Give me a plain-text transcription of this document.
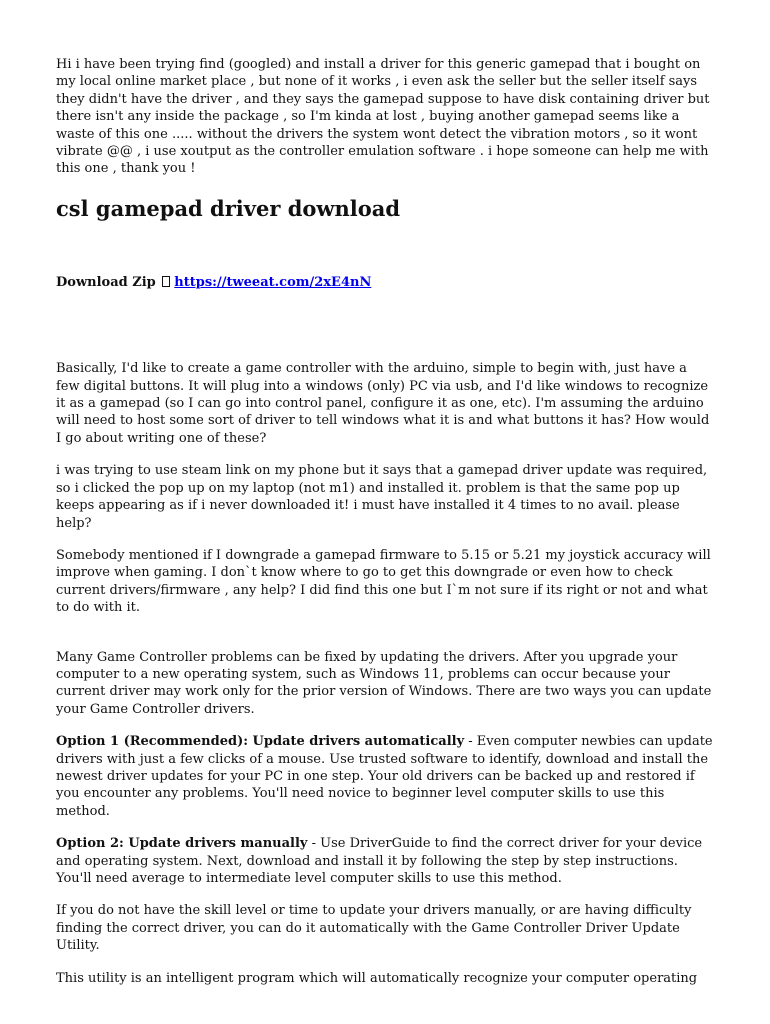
Hi i have been trying find (googled) and install a driver for this generic gamepad that i bought on my local online market place , but none of it works , i even ask the seller but the seller itself says they didn't have the driver , and they says the gamepad suppose to have disk containing driver but there isn't any inside the package , so I'm kinda at lost , buying another gamepad seems like a waste of this one ..... without the drivers the system wont detect the vibration motors , so it wont vibrate @@ , i use xoutput as the controller emulation software . i hope someone can help me with this one , thank you !

csl gamepad driver download

Download Zip https://tweeat.com/2xE4nN

Basically, I'd like to create a game controller with the arduino, simple to begin with, just have a few digital buttons. It will plug into a windows (only) PC via usb, and I'd like windows to recognize it as a gamepad (so I can go into control panel, configure it as one, etc). I'm assuming the arduino will need to host some sort of driver to tell windows what it is and what buttons it has? How would I go about writing one of these?

i was trying to use steam link on my phone but it says that a gamepad driver update was required, so i clicked the pop up on my laptop (not m1) and installed it. problem is that the same pop up keeps appearing as if i never downloaded it! i must have installed it 4 times to no avail. please help?

Somebody mentioned if I downgrade a gamepad firmware to 5.15 or 5.21 my joystick accuracy will improve when gaming. I don`t know where to go to get this downgrade or even how to check current drivers/firmware , any help? I did find this one but I`m not sure if its right or not and what to do with it.

Many Game Controller problems can be fixed by updating the drivers. After you upgrade your computer to a new operating system, such as Windows 11, problems can occur because your current driver may work only for the prior version of Windows. There are two ways you can update your Game Controller drivers.

Option 1 (Recommended): Update drivers automatically - Even computer newbies can update drivers with just a few clicks of a mouse. Use trusted software to identify, download and install the newest driver updates for your PC in one step. Your old drivers can be backed up and restored if you encounter any problems. You'll need novice to beginner level computer skills to use this method.

Option 2: Update drivers manually - Use DriverGuide to find the correct driver for your device and operating system. Next, download and install it by following the step by step instructions. You'll need average to intermediate level computer skills to use this method.

If you do not have the skill level or time to update your drivers manually, or are having difficulty finding the correct driver, you can do it automatically with the Game Controller Driver Update Utility.

This utility is an intelligent program which will automatically recognize your computer operating
